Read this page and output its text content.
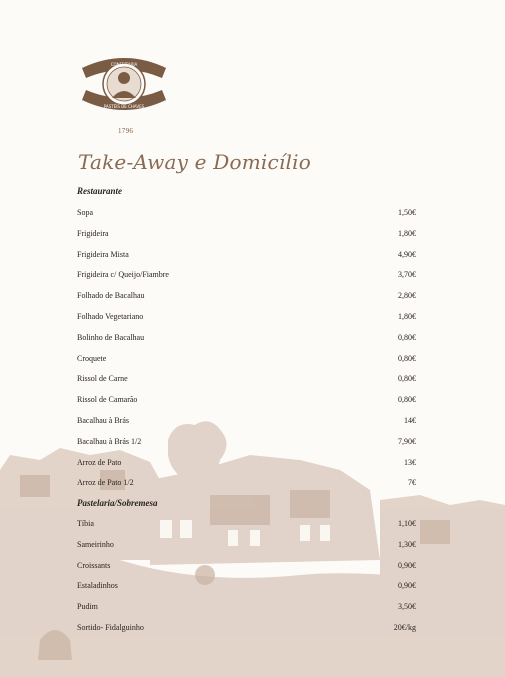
CONFEITARIA
PASTÉIS DE CHAVES
1796
Take-Away e Domicílio
Restaurante
Sopa	1,50€
Frigideira	1,80€
Frigideira Mista	4,90€
Frigideira c/ Queijo/Fiambre	3,70€
Folhado de Bacalhau	2,80€
Folhado Vegetariano	1,80€
Bolinho de Bacalhau	0,80€
Croquete	0,80€
Rissol de Carne	0,80€
Rissol de Camarão	0,80€
Bacalhau à Brás	14€
Bacalhau à Brás 1/2	7,90€
Arroz de Pato	13€
Arroz de Pato 1/2	7€
Pastelaria/Sobremesa
Tíbia	1,10€
Sameirinho	1,30€
Croissants	0,90€
Estaladinhos	0,90€
Pudim	3,50€
Sortido- Fidalguinho	20€/kg
